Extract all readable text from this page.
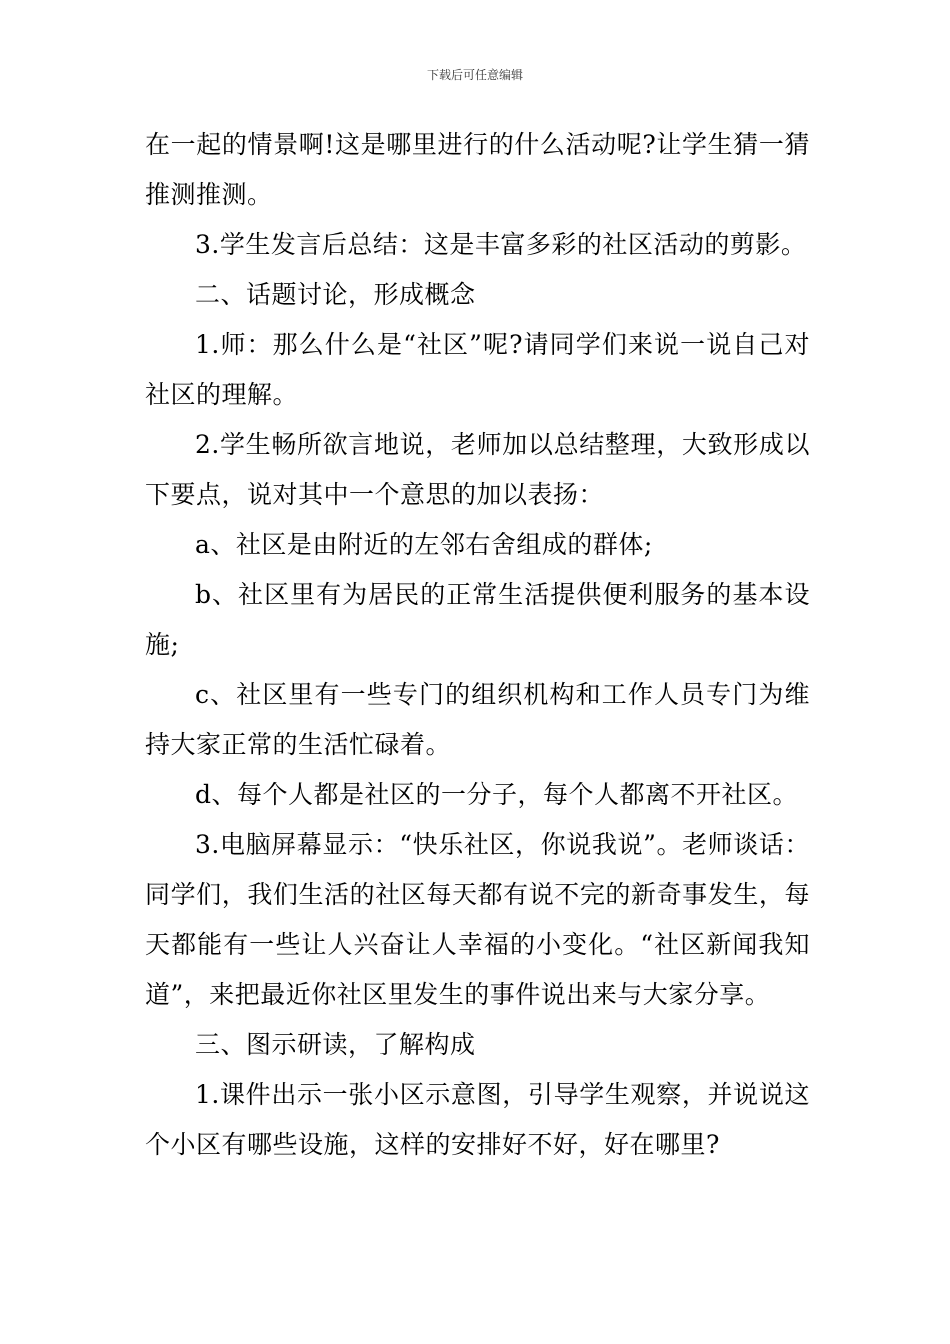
下载后可任意编辑

在一起的情景啊!这是哪里进行的什么活动呢?让学生猜一猜推测推测。

3.学生发言后总结：这是丰富多彩的社区活动的剪影。

二、话题讨论，形成概念

1.师：那么什么是“社区”呢?请同学们来说一说自己对社区的理解。

2.学生畅所欲言地说，老师加以总结整理，大致形成以下要点，说对其中一个意思的加以表扬：

a、社区是由附近的左邻右舍组成的群体;

b、社区里有为居民的正常生活提供便利服务的基本设施;

c、社区里有一些专门的组织机构和工作人员专门为维持大家正常的生活忙碌着。

d、每个人都是社区的一分子，每个人都离不开社区。

3.电脑屏幕显示：“快乐社区，你说我说”。老师谈话：同学们，我们生活的社区每天都有说不完的新奇事发生，每天都能有一些让人兴奋让人幸福的小变化。“社区新闻我知道”，来把最近你社区里发生的事件说出来与大家分享。

三、图示研读，了解构成

1.课件出示一张小区示意图，引导学生观察，并说说这个小区有哪些设施，这样的安排好不好，好在哪里?
